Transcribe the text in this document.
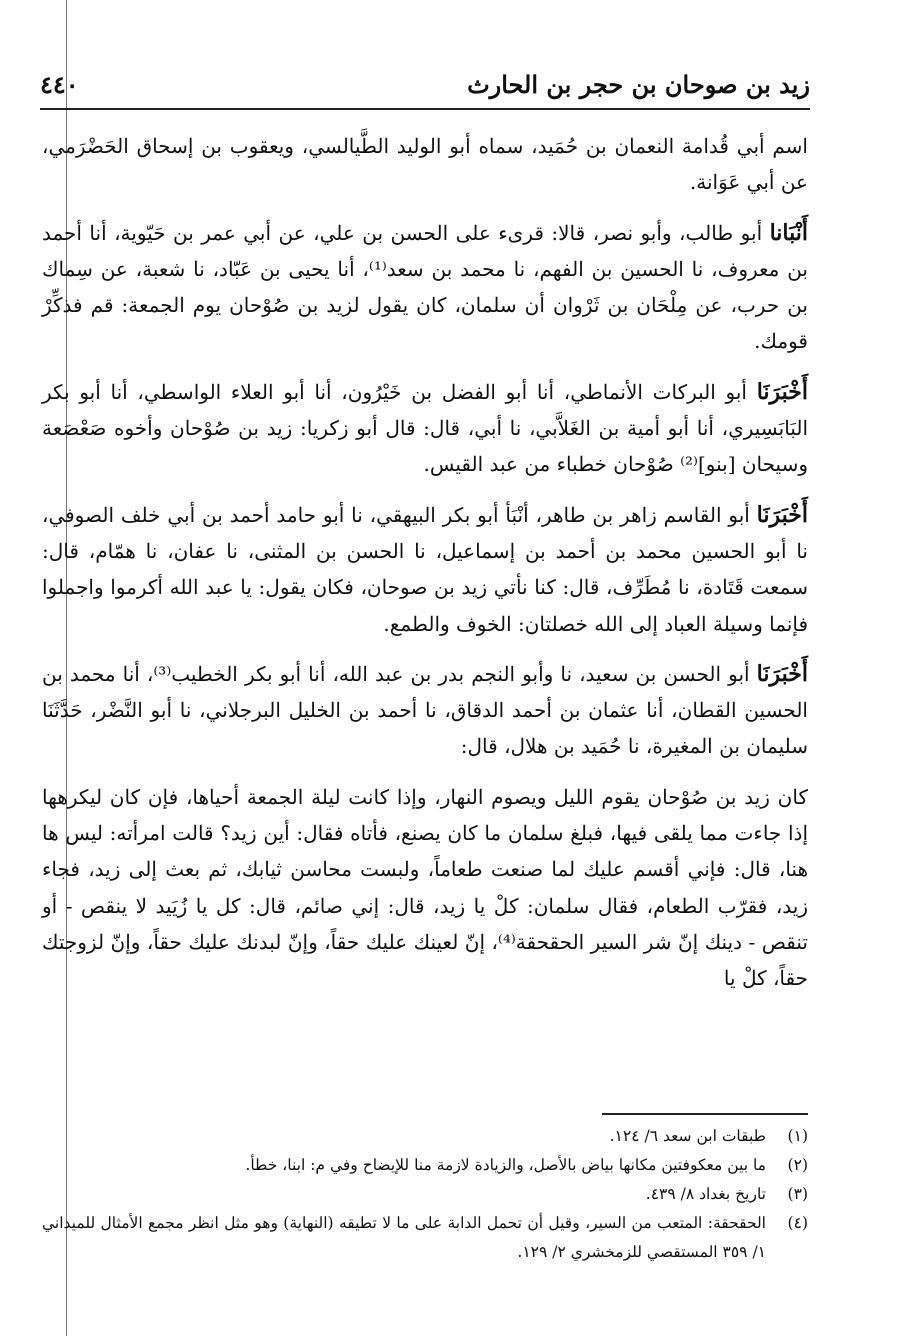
زيد بن صوحان بن حجر بن الحارث
٤٤٠

اسم أبي قُدامة النعمان بن حُمَيد، سماه أبو الوليد الطَّيالسي، ويعقوب بن إسحاق الحَضْرَمي، عن أبي عَوَانة.

أَنْبَانا أبو طالب، وأبو نصر، قالا: قرىء على الحسن بن علي، عن أبي عمر بن حَيّوية، أنا أحمد بن معروف، نا الحسين بن الفهم، نا محمد بن سعد⁽¹⁾، أنا يحيى بن عَبّاد، نا شعبة، عن سِماك بن حرب، عن مِلْحَان بن ثَرْوان أن سلمان، كان يقول لزيد بن صُوْحان يوم الجمعة: قم فذكِّرْ قومك.

أَخْبَرَنَا أبو البركات الأنماطي، أنا أبو الفضل بن خَيْرُون، أنا أبو العلاء الواسطي، أنا أبو بكر البَابَسِيري، أنا أبو أمية بن الغَلاَّبي، نا أبي، قال: قال أبو زكريا: زيد بن صُوْحان وأخوه صَعْصَعة وسيحان [بنو]⁽²⁾ صُوْحان خطباء من عبد القيس.

أَخْبَرَنَا أبو القاسم زاهر بن طاهر، أنْبَأ أبو بكر البيهقي، نا أبو حامد أحمد بن أبي خلف الصوفي، نا أبو الحسين محمد بن أحمد بن إسماعيل، نا الحسن بن المثنى، نا عفان، نا همّام، قال: سمعت قَتَادة، نا مُطَرِّف، قال: كنا نأتي زيد بن صوحان، فكان يقول: يا عبد الله أكرموا واجملوا فإنما وسيلة العباد إلى الله خصلتان: الخوف والطمع.

أَخْبَرَنَا أبو الحسن بن سعيد، نا وأبو النجم بدر بن عبد الله، أنا أبو بكر الخطيب⁽³⁾، أنا محمد بن الحسين القطان، أنا عثمان بن أحمد الدقاق، نا أحمد بن الخليل البرجلاني، نا أبو النَّضْر، حَدَّثَنَا سليمان بن المغيرة، نا حُمَيد بن هلال، قال:

كان زيد بن صُوْحان يقوم الليل ويصوم النهار، وإذا كانت ليلة الجمعة أحياها، فإن كان ليكرهها إذا جاءت مما يلقى فيها، فبلغ سلمان ما كان يصنع، فأتاه فقال: أين زيد؟ قالت امرأته: ليس ها هنا، قال: فإني أقسم عليك لما صنعت طعاماً، ولبست محاسن ثيابك، ثم بعث إلى زيد، فجاء زيد، فقرّب الطعام، فقال سلمان: كلْ يا زيد، قال: إني صائم، قال: كل يا زُيَيد لا ينقص - أو تنقص - دينك إنّ شر السير الحقحقة⁽⁴⁾، إنّ لعينك عليك حقاً، وإنّ لبدنك عليك حقاً، وإنّ لزوجتك حقاً، كلْ يا

(١)
طبقات ابن سعد ٦/ ١٢٤.
(٢)
ما بين معكوفتين مكانها بياض بالأصل، والزيادة لازمة منا للإيضاح وفي م: ابنا، خطأ.
(٣)
تاريخ بغداد ٨/ ٤٣٩.
(٤)
الحقحقة: المتعب من السير، وقيل أن تحمل الدابة على ما لا تطيقه (النهاية) وهو مثل انظر مجمع الأمثال للميداني ١/ ٣٥٩ المستقصي للزمخشري ٢/ ١٢٩.
